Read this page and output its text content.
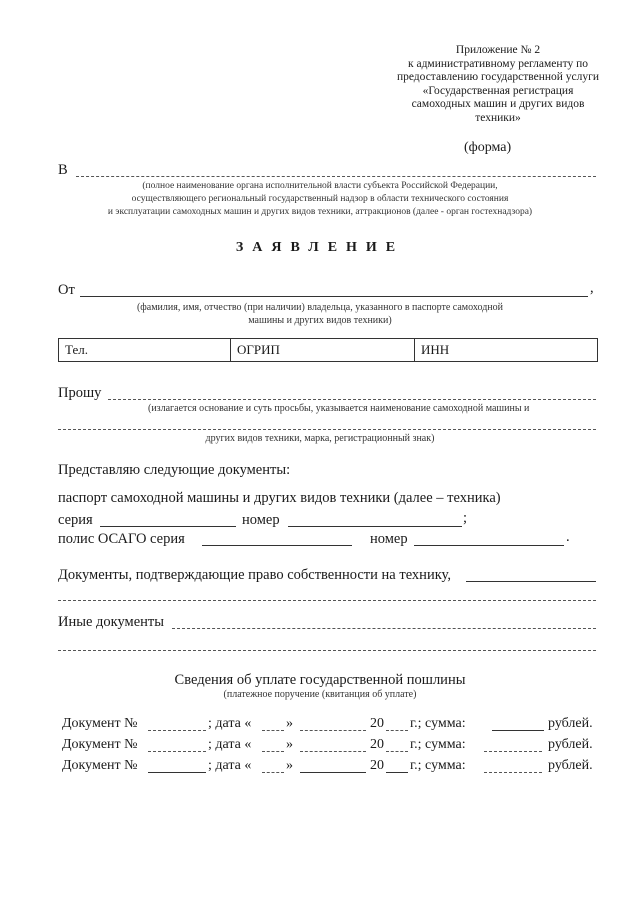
Приложение № 2
к административному регламенту по
предоставлению государственной услуги
«Государственная регистрация
самоходных машин и других видов
техники»
(форма)
В
(полное наименование органа исполнительной власти субъекта Российской Федерации,
осуществляющего региональный государственный надзор в области технического состояния
и эксплуатации самоходных машин и других видов техники, аттракционов (далее - орган гостехнадзора)
ЗАЯВЛЕНИЕ
От	,
(фамилия, имя, отчество (при наличии) владельца, указанного в паспорте самоходной
машины и других видов техники)
Тел.	ОГРИП	ИНН
Прошу
(излагается основание и суть просьбы, указывается наименование самоходной машины и
других видов техники, марка, регистрационный знак)
Представляю следующие документы:
паспорт самоходной машины и других видов техники (далее – техника)
серия	номер	;
полис ОСАГО серия	номер	.
Документы, подтверждающие право собственности на технику,
Иные документы
Сведения об уплате государственной пошлины
(платежное поручение (квитанция об уплате)
Документ №	; дата « »	20 г.; сумма:	рублей.
Документ №	; дата « »	20 г.; сумма:	рублей.
Документ №	; дата « »	20 г.; сумма:	рублей.
